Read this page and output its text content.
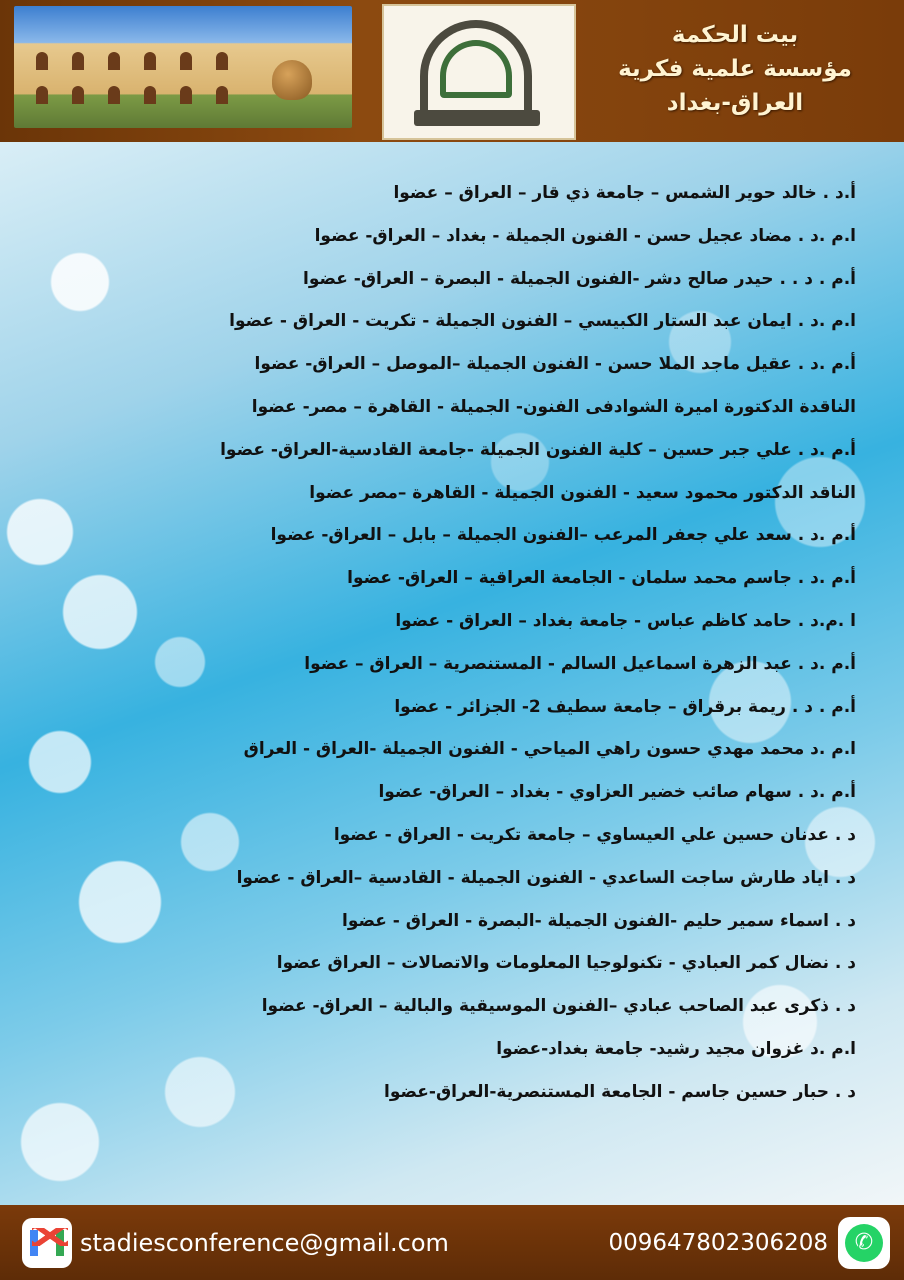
بيت الحكمة
مؤسسة علمية فكرية
العراق-بغداد
أ.د . خالد حوير الشمس – جامعة ذي قار – العراق – عضوا
ا.م .د . مضاد عجيل حسن - الفنون الجميلة - بغداد – العراق- عضوا
أ.م . د . . حيدر صالح دشر -الفنون الجميلة - البصرة – العراق- عضوا
ا.م .د . ايمان عبد الستار الكبيسي – الفنون الجميلة - تكريت - العراق - عضوا
أ.م .د . عقيل ماجد الملا حسن - الفنون الجميلة –الموصل – العراق- عضوا
الناقدة الدكتورة اميرة الشوادفى الفنون- الجميلة - القاهرة – مصر- عضوا
أ.م .د . علي جبر حسين – كلية الفنون الجميلة -جامعة القادسية-العراق- عضوا
الناقد الدكتور محمود سعيد - الفنون الجميلة - القاهرة –مصر عضوا
أ.م .د . سعد علي جعفر المرعب –الفنون الجميلة – بابل – العراق- عضوا
أ.م .د . جاسم محمد سلمان - الجامعة العراقية – العراق- عضوا
ا .م.د . حامد كاظم عباس - جامعة بغداد – العراق - عضوا
أ.م .د . عبد الزهرة اسماعيل السالم - المستنصرية – العراق – عضوا
أ.م . د . ريمة برقراق – جامعة سطيف 2- الجزائر - عضوا
ا.م .د محمد مهدي حسون راهي المياحي - الفنون الجميلة -العراق - العراق
أ.م .د . سهام صائب خضير العزاوي - بغداد – العراق- عضوا
د . عدنان حسين علي العيساوي – جامعة تكريت - العراق - عضوا
د . اياد طارش ساجت الساعدي - الفنون الجميلة - القادسية –العراق - عضوا
د . اسماء سمير حليم -الفنون الجميلة -البصرة - العراق - عضوا
د . نضال كمر العبادي - تكنولوجيا المعلومات والاتصالات – العراق عضوا
د . ذكرى عبد الصاحب عبادي –الفنون الموسيقية والبالية – العراق- عضوا
ا.م .د غزوان مجيد رشيد- جامعة بغداد-عضوا
د . حبار حسين جاسم - الجامعة المستنصرية-العراق-عضوا
stadiesconference@gmail.com	009647802306208	✆
